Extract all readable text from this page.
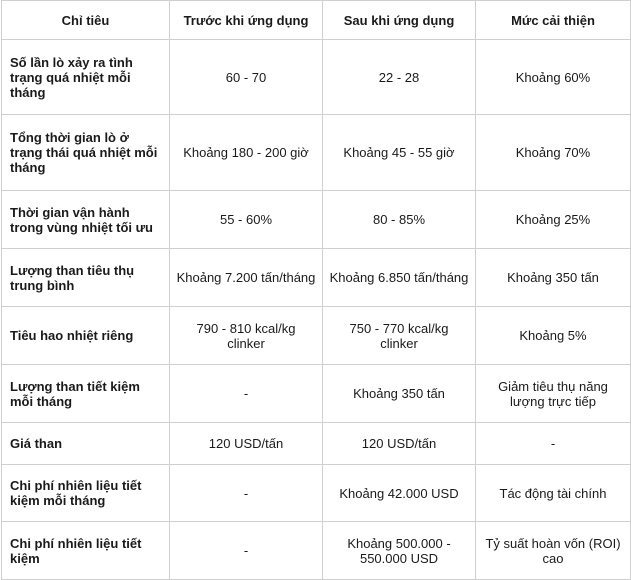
Chỉ tiêu	Trước khi ứng dụng	Sau khi ứng dụng	Mức cải thiện
Số lần lò xảy ra tình trạng quá nhiệt mỗi tháng	60 - 70	22 - 28	Khoảng 60%
Tổng thời gian lò ở trạng thái quá nhiệt mỗi tháng	Khoảng 180 - 200 giờ	Khoảng 45 - 55 giờ	Khoảng 70%
Thời gian vận hành trong vùng nhiệt tối ưu	55 - 60%	80 - 85%	Khoảng 25%
Lượng than tiêu thụ trung bình	Khoảng 7.200 tấn/tháng	Khoảng 6.850 tấn/tháng	Khoảng 350 tấn
Tiêu hao nhiệt riêng	790 - 810 kcal/kg clinker	750 - 770 kcal/kg clinker	Khoảng 5%
Lượng than tiết kiệm mỗi tháng	-	Khoảng 350 tấn	Giảm tiêu thụ năng lượng trực tiếp
Giá than	120 USD/tấn	120 USD/tấn	-
Chi phí nhiên liệu tiết kiệm mỗi tháng	-	Khoảng 42.000 USD	Tác động tài chính
Chi phí nhiên liệu tiết kiệm	-	Khoảng 500.000 - 550.000 USD	Tỷ suất hoàn vốn (ROI) cao
